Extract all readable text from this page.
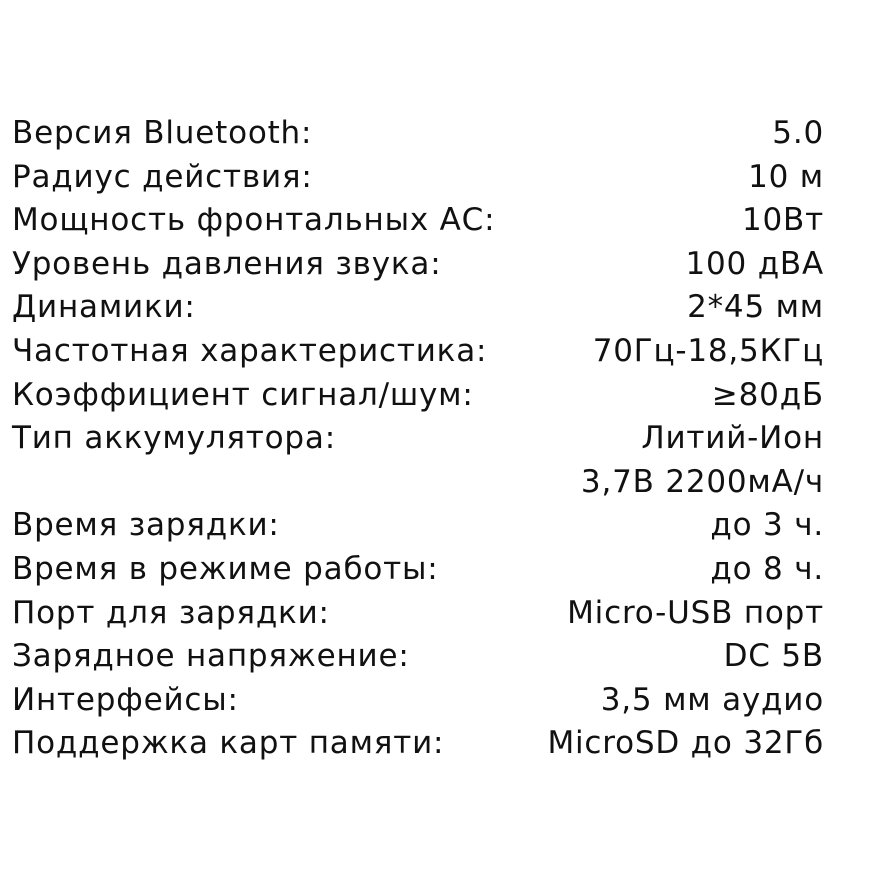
Версия Bluetooth:	5.0
Радиус действия:	10 м
Мощность фронтальных АС:	10Вт
Уровень давления звука:	100 дВА
Динамики:	2*45 мм
Частотная характеристика:	70Гц-18,5КГц
Коэффициент сигнал/шум:	≥80дБ
Тип аккумулятора:	Литий-Ион
3,7В 2200мА/ч
Время зарядки:	до 3 ч.
Время в режиме работы:	до 8 ч.
Порт для зарядки:	Micro-USB порт
Зарядное напряжение:	DC 5В
Интерфейсы:	3,5 мм аудио
Поддержка карт памяти:	MicroSD до 32Гб
